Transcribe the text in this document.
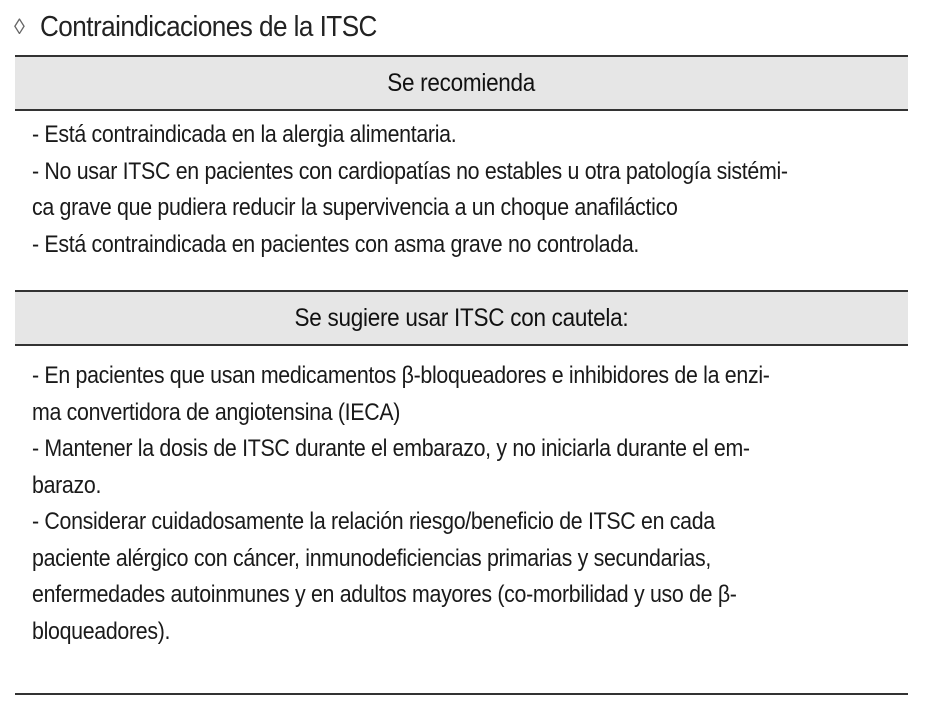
◊ Contraindicaciones de la ITSC
Se recomienda
- Está contraindicada en la alergia alimentaria.
- No usar ITSC en pacientes con cardiopatías no estables u otra patología sistémi-
ca grave que pudiera reducir la supervivencia a un choque anafiláctico
- Está contraindicada en pacientes con asma grave no controlada.
Se sugiere usar ITSC con cautela:
- En pacientes que usan medicamentos β-bloqueadores e inhibidores de la enzi-
ma convertidora de angiotensina (IECA)
- Mantener la dosis de ITSC durante el embarazo, y no iniciarla durante el em-
barazo.
- Considerar cuidadosamente la relación riesgo/beneficio de ITSC en cada
paciente alérgico con cáncer, inmunodeficiencias primarias y secundarias,
enfermedades autoinmunes y en adultos mayores (co-morbilidad y uso de β-
bloqueadores).
